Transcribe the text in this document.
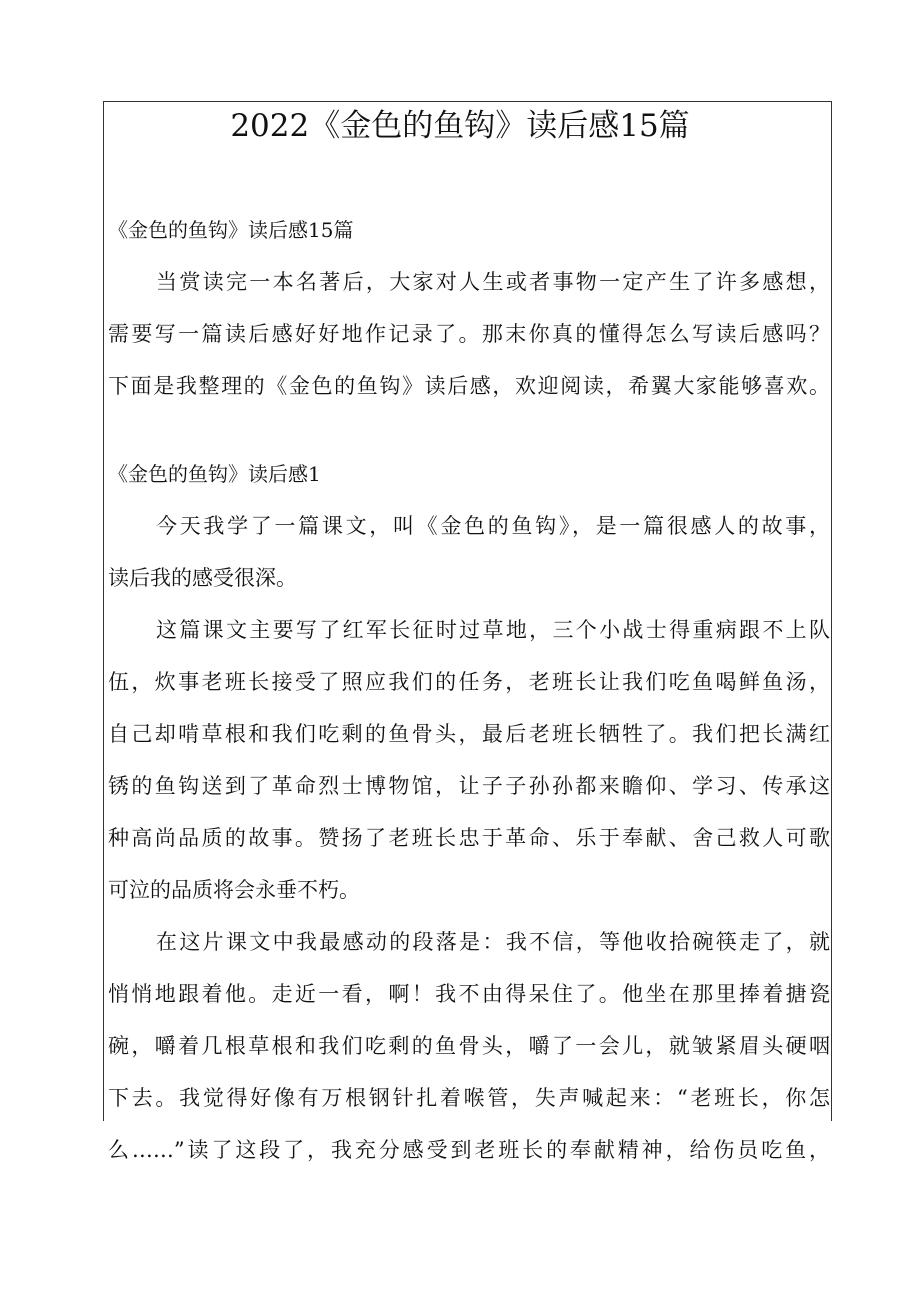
2022《金色的鱼钩》读后感15篇
《金色的鱼钩》读后感15篇
当赏读完一本名著后，大家对人生或者事物一定产生了许多感想，
需要写一篇读后感好好地作记录了。那末你真的懂得怎么写读后感吗？
下面是我整理的《金色的鱼钩》读后感，欢迎阅读，希翼大家能够喜欢。
《金色的鱼钩》读后感1
今天我学了一篇课文，叫《金色的鱼钩》，是一篇很感人的故事，
读后我的感受很深。
这篇课文主要写了红军长征时过草地，三个小战士得重病跟不上队
伍，炊事老班长接受了照应我们的任务，老班长让我们吃鱼喝鲜鱼汤，
自己却啃草根和我们吃剩的鱼骨头，最后老班长牺牲了。我们把长满红
锈的鱼钩送到了革命烈士博物馆，让子子孙孙都来瞻仰、学习、传承这
种高尚品质的故事。赞扬了老班长忠于革命、乐于奉献、舍己救人可歌
可泣的品质将会永垂不朽。
在这片课文中我最感动的段落是：我不信，等他收拾碗筷走了，就
悄悄地跟着他。走近一看，啊！我不由得呆住了。他坐在那里捧着搪瓷
碗，嚼着几根草根和我们吃剩的鱼骨头，嚼了一会儿，就皱紧眉头硬咽
下去。我觉得好像有万根钢针扎着喉管，失声喊起来：“老班长，你怎
么……”读了这段了，我充分感受到老班长的奉献精神，给伤员吃鱼，
